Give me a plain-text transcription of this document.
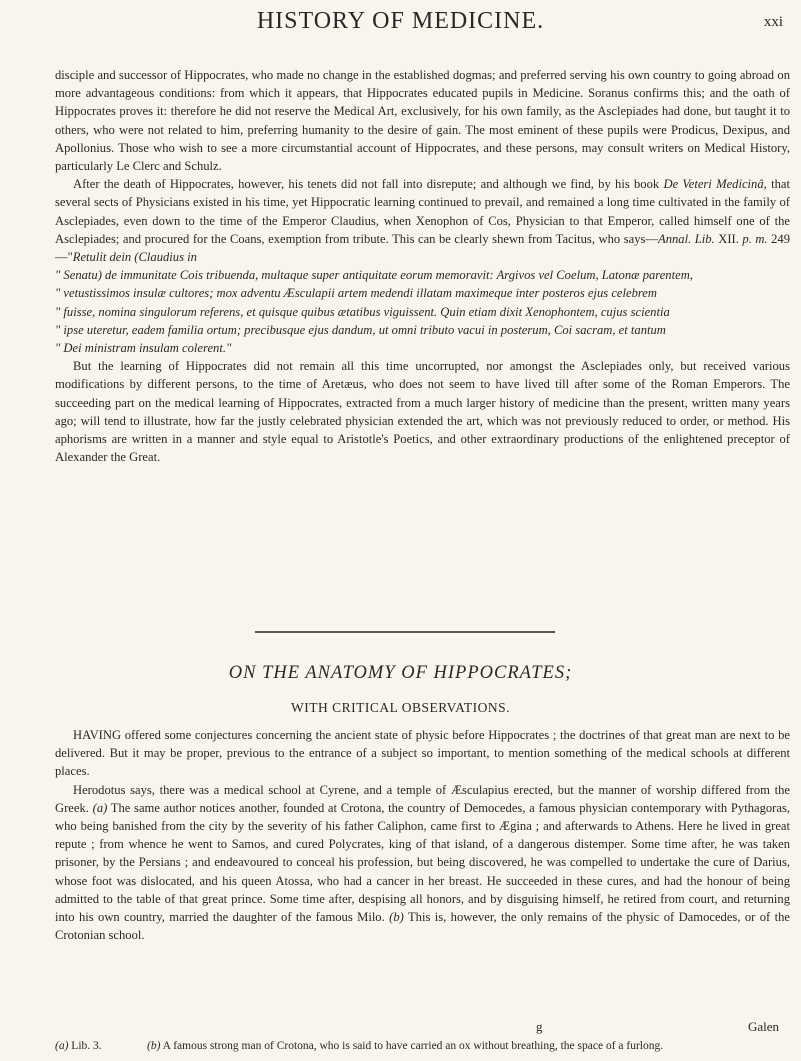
HISTORY OF MEDICINE.	xxi

disciple and successor of Hippocrates, who made no change in the established dogmas; and preferred serving his own country to going abroad on more advantageous conditions: from which it appears, that Hippocrates educated pupils in Medicine. Soranus confirms this; and the oath of Hippocrates proves it: therefore he did not reserve the Medical Art, exclusively, for his own family, as the Asclepiades had done, but taught it to others, who were not related to him, preferring humanity to the desire of gain. The most eminent of these pupils were Prodicus, Dexipus, and Apollonius. Those who wish to see a more circumstantial account of Hippocrates, and these persons, may consult writers on Medical History, particularly Le Clerc and Schulz.

After the death of Hippocrates, however, his tenets did not fall into disrepute; and although we find, by his book De Veteri Medicinâ, that several sects of Physicians existed in his time, yet Hippocratic learning continued to prevail, and remained a long time cultivated in the family of Asclepiades, even down to the time of the Emperor Claudius, when Xenophon of Cos, Physician to that Emperor, called himself one of the Asclepiades; and procured for the Coans, exemption from tribute. This can be clearly shewn from Tacitus, who says—Annal. Lib. XII. p. m. 249—"Retulit dein (Claudius in

" Senatu) de immunitate Cois tribuenda, multaque super antiquitate eorum memoravit: Argivos vel Coelum, Latonæ parentem,

" vetustissimos insulæ cultores; mox adventu Æsculapii artem medendi illatam maximeque inter posteros ejus celebrem

" fuisse, nomina singulorum referens, et quisque quibus ætatibus viguissent. Quin etiam dixit Xenophontem, cujus scientia

" ipse uteretur, eadem familia ortum; precibusque ejus dandum, ut omni tributo vacui in posterum, Coi sacram, et tantum

" Dei ministram insulam colerent."

But the learning of Hippocrates did not remain all this time uncorrupted, nor amongst the Asclepiades only, but received various modifications by different persons, to the time of Aretæus, who does not seem to have lived till after some of the Roman Emperors. The succeeding part on the medical learning of Hippocrates, extracted from a much larger history of medicine than the present, written many years ago; will tend to illustrate, how far the justly celebrated physician extended the art, which was not previously reduced to order, or method. His aphorisms are written in a manner and style equal to Aristotle's Poetics, and other extraordinary productions of the enlightened preceptor of Alexander the Great.

ON THE ANATOMY OF HIPPOCRATES;

WITH CRITICAL OBSERVATIONS.

HAVING offered some conjectures concerning the ancient state of physic before Hippocrates ; the doctrines of that great man are next to be delivered. But it may be proper, previous to the entrance of a subject so important, to mention something of the medical schools at different places.

Herodotus says, there was a medical school at Cyrene, and a temple of Æsculapius erected, but the manner of worship differed from the Greek. (a) The same author notices another, founded at Crotona, the country of Democedes, a famous physician contemporary with Pythagoras, who being banished from the city by the severity of his father Caliphon, came first to Ægina ; and afterwards to Athens. Here he lived in great repute ; from whence he went to Samos, and cured Polycrates, king of that island, of a dangerous distemper. Some time after, he was taken prisoner, by the Persians ; and endeavoured to conceal his profession, but being discovered, he was compelled to undertake the cure of Darius, whose foot was dislocated, and his queen Atossa, who had a cancer in her breast. He succeeded in these cures, and had the honour of being admitted to the table of that great prince. Some time after, despising all honors, and by disguising himself, he retired from court, and returning into his own country, married the daughter of the famous Milo. (b) This is, however, the only remains of the physic of Damocedes, or of the Crotonian school.

g	Galen
(a) Lib. 3.	(b) A famous strong man of Crotona, who is said to have carried an ox without breathing, the space of a furlong.
